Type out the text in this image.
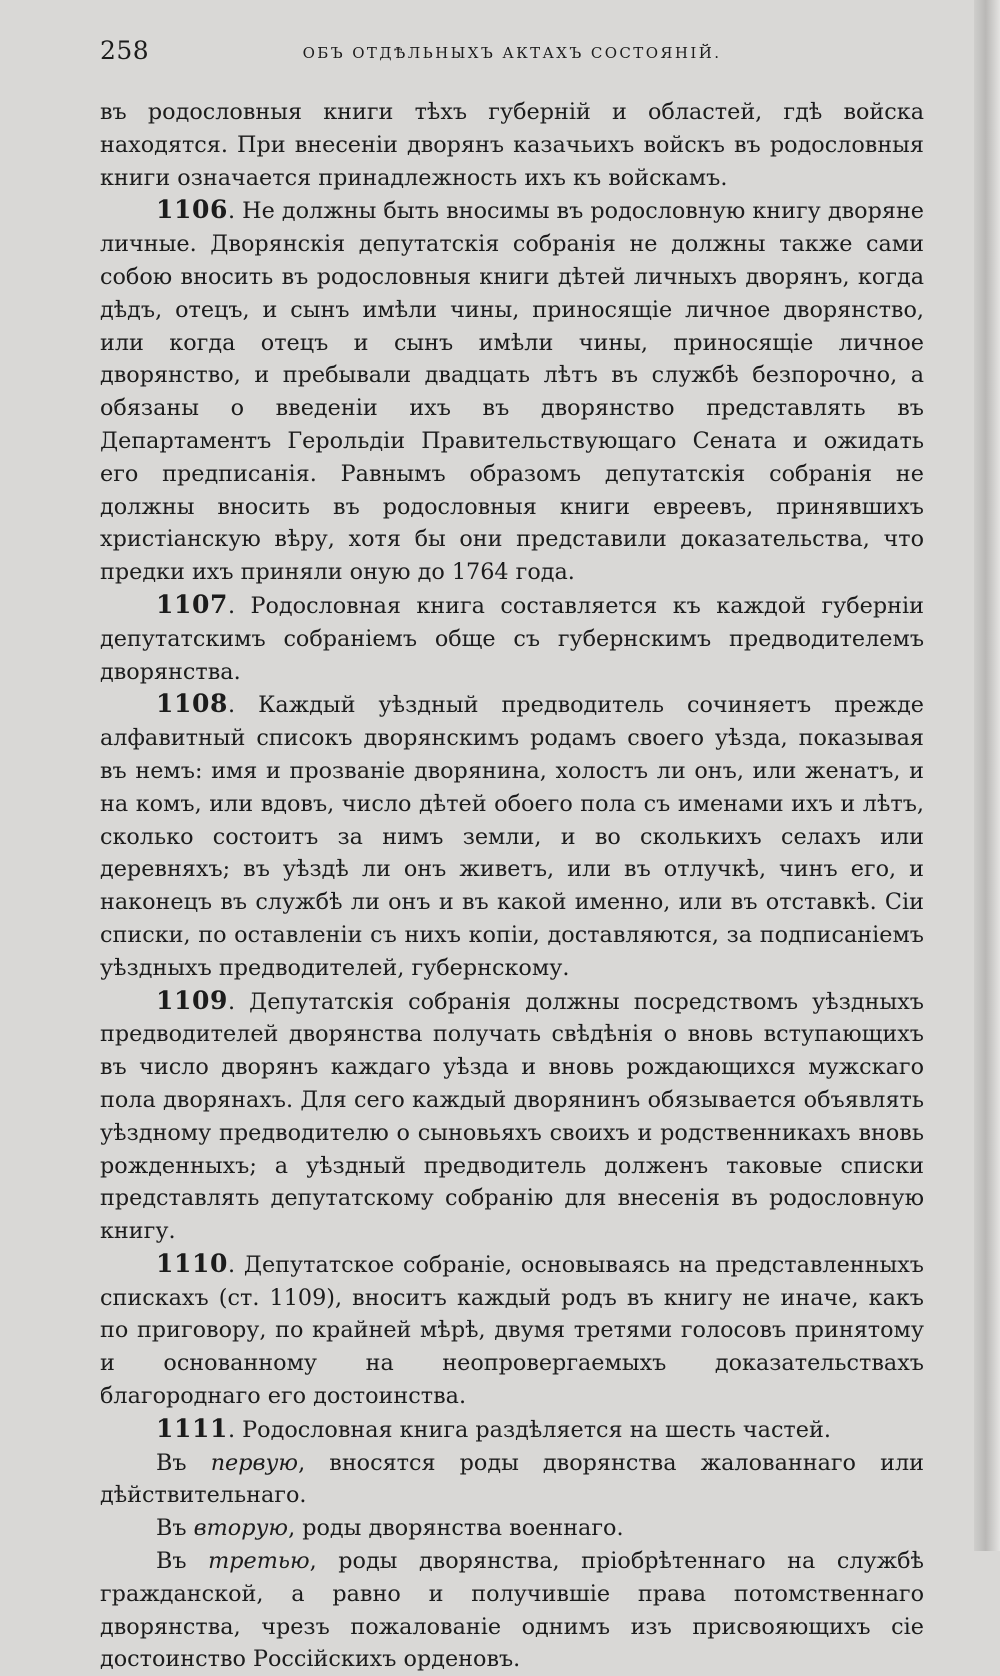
258	ОБЪ ОТДѢЛЬНЫХЪ АКТАХЪ СОСТОЯНІЙ.

въ родословныя книги тѣхъ губерній и областей, гдѣ войска находятся. При внесеніи дворянъ казачьихъ войскъ въ родословныя книги означается принадлежность ихъ къ войскамъ.

1106. Не должны быть вносимы въ родословную книгу дворяне личные. Дворянскія депутатскія собранія не должны также сами собою вносить въ родословныя книги дѣтей личныхъ дворянъ, когда дѣдъ, отецъ, и сынъ имѣли чины, приносящіе личное дворянство, или когда отецъ и сынъ имѣли чины, приносящіе личное дворянство, и пребывали двадцать лѣтъ въ службѣ безпорочно, а обязаны о введеніи ихъ въ дворянство представлять въ Департаментъ Герольдіи Правительствующаго Сената и ожидать его предписанія. Равнымъ образомъ депутатскія собранія не должны вносить въ родословныя книги евреевъ, принявшихъ христіанскую вѣру, хотя бы они представили доказательства, что предки ихъ приняли оную до 1764 года.

1107. Родословная книга составляется къ каждой губерніи депутатскимъ собраніемъ обще съ губернскимъ предводителемъ дворянства.

1108. Каждый уѣздный предводитель сочиняетъ прежде алфавитный списокъ дворянскимъ родамъ своего уѣзда, показывая въ немъ: имя и прозваніе дворянина, холостъ ли онъ, или женатъ, и на комъ, или вдовъ, число дѣтей обоего пола съ именами ихъ и лѣтъ, сколько состоитъ за нимъ земли, и во сколькихъ селахъ или деревняхъ; въ уѣздѣ ли онъ живетъ, или въ отлучкѣ, чинъ его, и наконецъ въ службѣ ли онъ и въ какой именно, или въ отставкѣ. Сіи списки, по оставленіи съ нихъ копіи, доставляются, за подписаніемъ уѣздныхъ предводителей, губернскому.

1109. Депутатскія собранія должны посредствомъ уѣздныхъ предводителей дворянства получать свѣдѣнія о вновь вступающихъ въ число дворянъ каждаго уѣзда и вновь рождающихся мужскаго пола дворянахъ. Для сего каждый дворянинъ обязывается объявлять уѣздному предводителю о сыновьяхъ своихъ и родственникахъ вновь рожденныхъ; а уѣздный предводитель долженъ таковые списки представлять депутатскому собранію для внесенія въ родословную книгу.

1110. Депутатское собраніе, основываясь на представленныхъ спискахъ (ст. 1109), вноситъ каждый родъ въ книгу не иначе, какъ по приговору, по крайней мѣрѣ, двумя третями голосовъ принятому и основанному на неопровергаемыхъ доказательствахъ благороднаго его достоинства.

1111. Родословная книга раздѣляется на шесть частей.

Въ первую, вносятся роды дворянства жалованнаго или дѣйствительнаго.

Въ вторую, роды дворянства военнаго.

Въ третью, роды дворянства, пріобрѣтеннаго на службѣ гражданской, а равно и получившіе права потомственнаго дворянства, чрезъ пожалованіе однимъ изъ присвояющихъ сіе достоинство Россійскихъ орденовъ.
